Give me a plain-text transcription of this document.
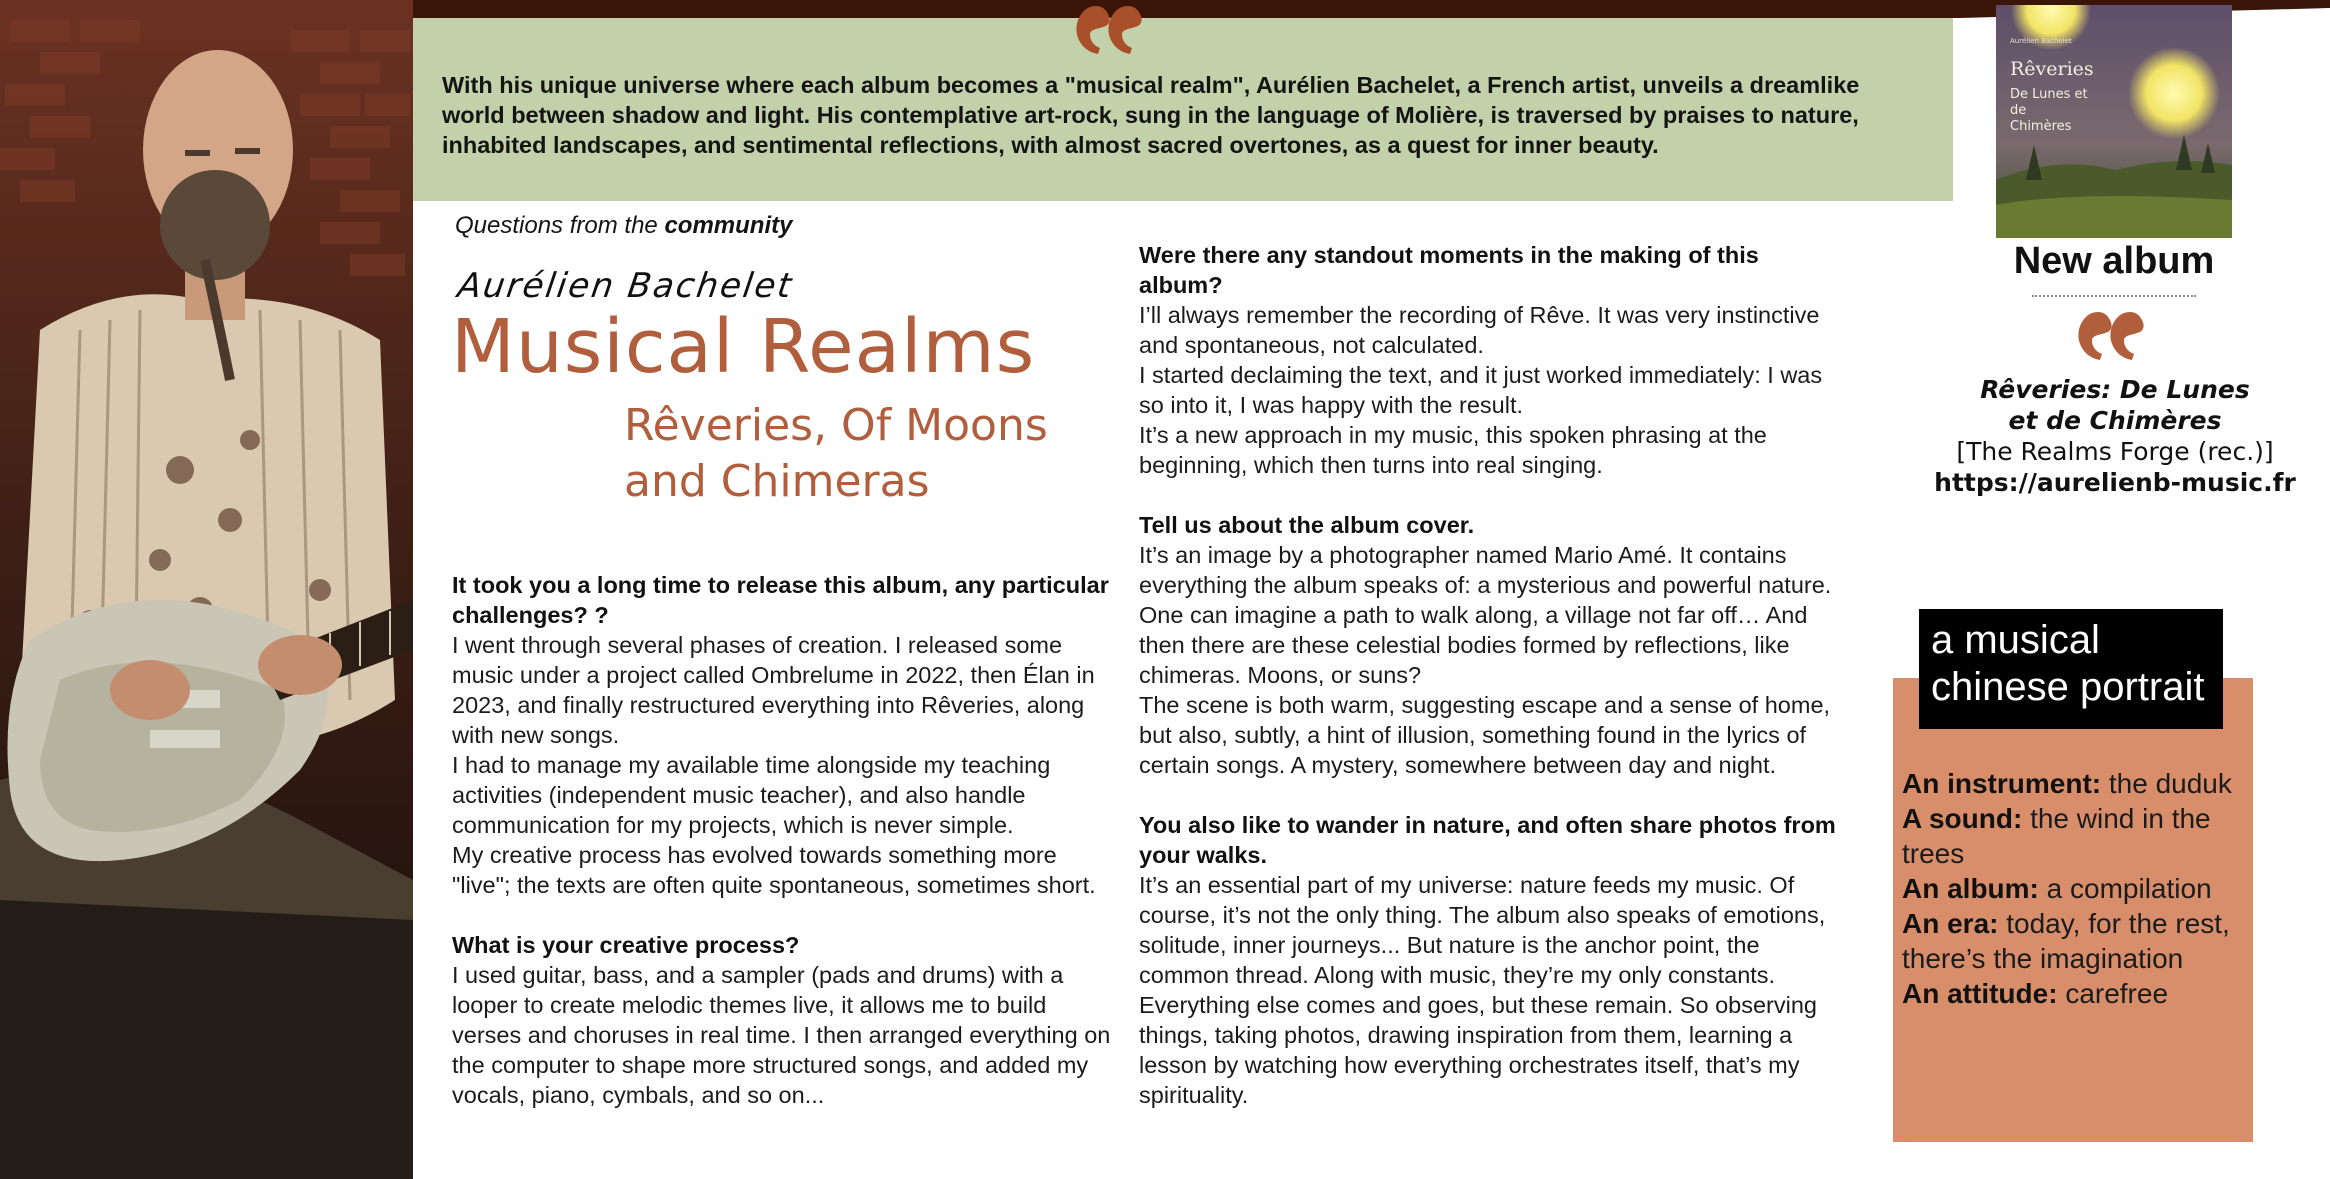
With his unique universe where each album becomes a "musical realm", Aurélien Bachelet, a French artist, unveils a dreamlike world between shadow and light. His contemplative art-rock, sung in the language of Molière, is traversed by praises to nature, inhabited landscapes, and sentimental reflections, with almost sacred overtones, as a quest for inner beauty.

Questions from the community
Aurélien Bachelet
Musical Realms
Rêveries, Of Moons
and Chimeras
It took you a long time to release this album, any particular challenges? ?

I went through several phases of creation. I released some music under a project called Ombrelume in 2022, then Élan in 2023, and finally restructured everything into Rêveries, along with new songs.

I had to manage my available time alongside my teaching activities (independent music teacher), and also handle communication for my projects, which is never simple.

My creative process has evolved towards something more "live"; the texts are often quite spontaneous, sometimes short.

What is your creative process?

I used guitar, bass, and a sampler (pads and drums) with a looper to create melodic themes live, it allows me to build verses and choruses in real time. I then arranged everything on the computer to shape more structured songs, and added my vocals, piano, cymbals, and so on...

Were there any standout moments in the making of this album?

I’ll always remember the recording of Rêve. It was very instinctive and spontaneous, not calculated.

I started declaiming the text, and it just worked immediately: I was so into it, I was happy with the result.

It’s a new approach in my music, this spoken phrasing at the beginning, which then turns into real singing.

Tell us about the album cover.

It’s an image by a photographer named Mario Amé. It contains everything the album speaks of: a mysterious and powerful nature. One can imagine a path to walk along, a village not far off… And then there are these celestial bodies formed by reflections, like chimeras. Moons, or suns?

The scene is both warm, suggesting escape and a sense of home, but also, subtly, a hint of illusion, something found in the lyrics of certain songs. A mystery, somewhere between day and night.

You also like to wander in nature, and often share photos from your walks.

It’s an essential part of my universe: nature feeds my music. Of course, it’s not the only thing. The album also speaks of emotions, solitude, inner journeys... But nature is the anchor point, the common thread. Along with music, they’re my only constants. Everything else comes and goes, but these remain. So observing things, taking photos, drawing inspiration from them, learning a lesson by watching how everything orchestrates itself, that’s my spirituality.

Aurélien Bachelet
Rêveries
De Lunes et de Chimères
New album
Rêveries: De Lunes
et de Chimères
[The Realms Forge (rec.)]
https://aurelienb-music.fr
a musical
chinese portrait
An instrument: the duduk
A sound: the wind in the trees
An album: a compilation
An era: today, for the rest, there’s the imagination
An attitude: carefree
